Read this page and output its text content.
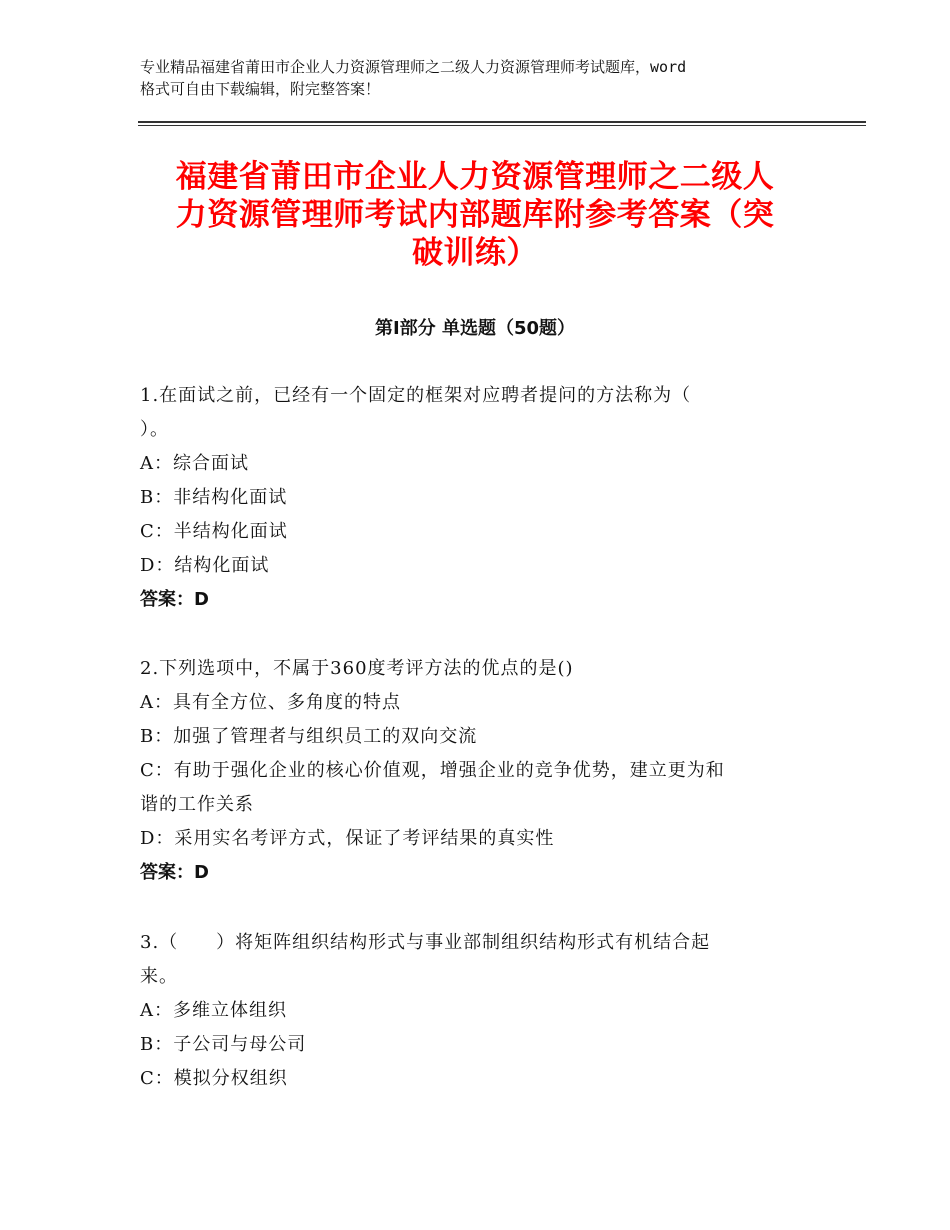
专业精品福建省莆田市企业人力资源管理师之二级人力资源管理师考试题库，word
格式可自由下载编辑，附完整答案！
福建省莆田市企业人力资源管理师之二级人
力资源管理师考试内部题库附参考答案（突
破训练）
第Ⅰ部分 单选题（50题）
1.在面试之前，已经有一个固定的框架对应聘者提问的方法称为（
）。
A：综合面试
B：非结构化面试
C：半结构化面试
D：结构化面试
答案：D
2.下列选项中，不属于360度考评方法的优点的是()
A：具有全方位、多角度的特点
B：加强了管理者与组织员工的双向交流
C：有助于强化企业的核心价值观，增强企业的竞争优势，建立更为和
谐的工作关系
D：采用实名考评方式，保证了考评结果的真实性
答案：D
3.（　　）将矩阵组织结构形式与事业部制组织结构形式有机结合起
来。
A：多维立体组织
B：子公司与母公司
C：模拟分权组织
